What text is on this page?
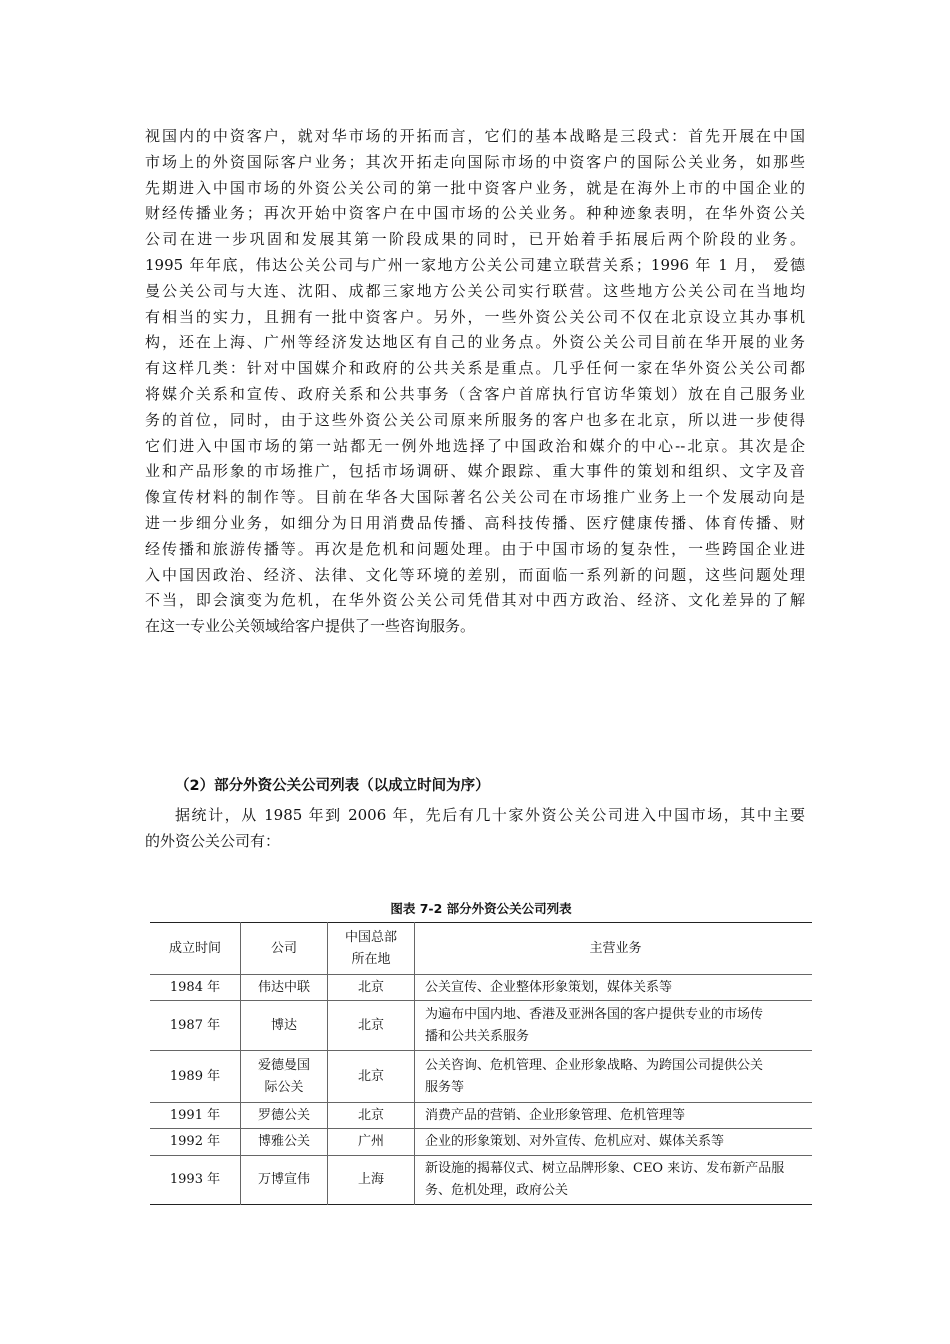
视国内的中资客户，就对华市场的开拓而言，它们的基本战略是三段式：首先开展在中国
市场上的外资国际客户业务；其次开拓走向国际市场的中资客户的国际公关业务，如那些
先期进入中国市场的外资公关公司的第一批中资客户业务，就是在海外上市的中国企业的
财经传播业务；再次开始中资客户在中国市场的公关业务。种种迹象表明，在华外资公关
公司在进一步巩固和发展其第一阶段成果的同时，已开始着手拓展后两个阶段的业务。
1995 年年底，伟达公关公司与广州一家地方公关公司建立联营关系；1996 年 1 月， 爱德
曼公关公司与大连、沈阳、成都三家地方公关公司实行联营。这些地方公关公司在当地均
有相当的实力，且拥有一批中资客户。另外，一些外资公关公司不仅在北京设立其办事机
构，还在上海、广州等经济发达地区有自己的业务点。外资公关公司目前在华开展的业务
有这样几类：针对中国媒介和政府的公共关系是重点。几乎任何一家在华外资公关公司都
将媒介关系和宣传、政府关系和公共事务（含客户首席执行官访华策划）放在自己服务业
务的首位，同时，由于这些外资公关公司原来所服务的客户也多在北京，所以进一步使得
它们进入中国市场的第一站都无一例外地选择了中国政治和媒介的中心--北京。其次是企
业和产品形象的市场推广，包括市场调研、媒介跟踪、重大事件的策划和组织、文字及音
像宣传材料的制作等。目前在华各大国际著名公关公司在市场推广业务上一个发展动向是
进一步细分业务，如细分为日用消费品传播、高科技传播、医疗健康传播、体育传播、财
经传播和旅游传播等。再次是危机和问题处理。由于中国市场的复杂性，一些跨国企业进
入中国因政治、经济、法律、文化等环境的差别，而面临一系列新的问题，这些问题处理
不当，即会演变为危机，在华外资公关公司凭借其对中西方政治、经济、文化差异的了解
在这一专业公关领域给客户提供了一些咨询服务。
（2）部分外资公关公司列表（以成立时间为序）
据统计，从 1985 年到 2006 年，先后有几十家外资公关公司进入中国市场，其中主要
的外资公关公司有：

图表 7-2 部分外资公关公司列表

成立时间	公司	中国总部
所在地	主营业务
1984 年	伟达中联	北京	公关宣传、企业整体形象策划，媒体关系等
1987 年	博达	北京	为遍布中国内地、香港及亚洲各国的客户提供专业的市场传
播和公共关系服务
1989 年	爱德曼国
际公关	北京	公关咨询、危机管理、企业形象战略、为跨国公司提供公关
服务等
1991 年	罗德公关	北京	消费产品的营销、企业形象管理、危机管理等
1992 年	博雅公关	广州	企业的形象策划、对外宣传、危机应对、媒体关系等
1993 年	万博宣伟	上海	新设施的揭幕仪式、树立品牌形象、CEO 来访、发布新产品服
务、危机处理，政府公关
